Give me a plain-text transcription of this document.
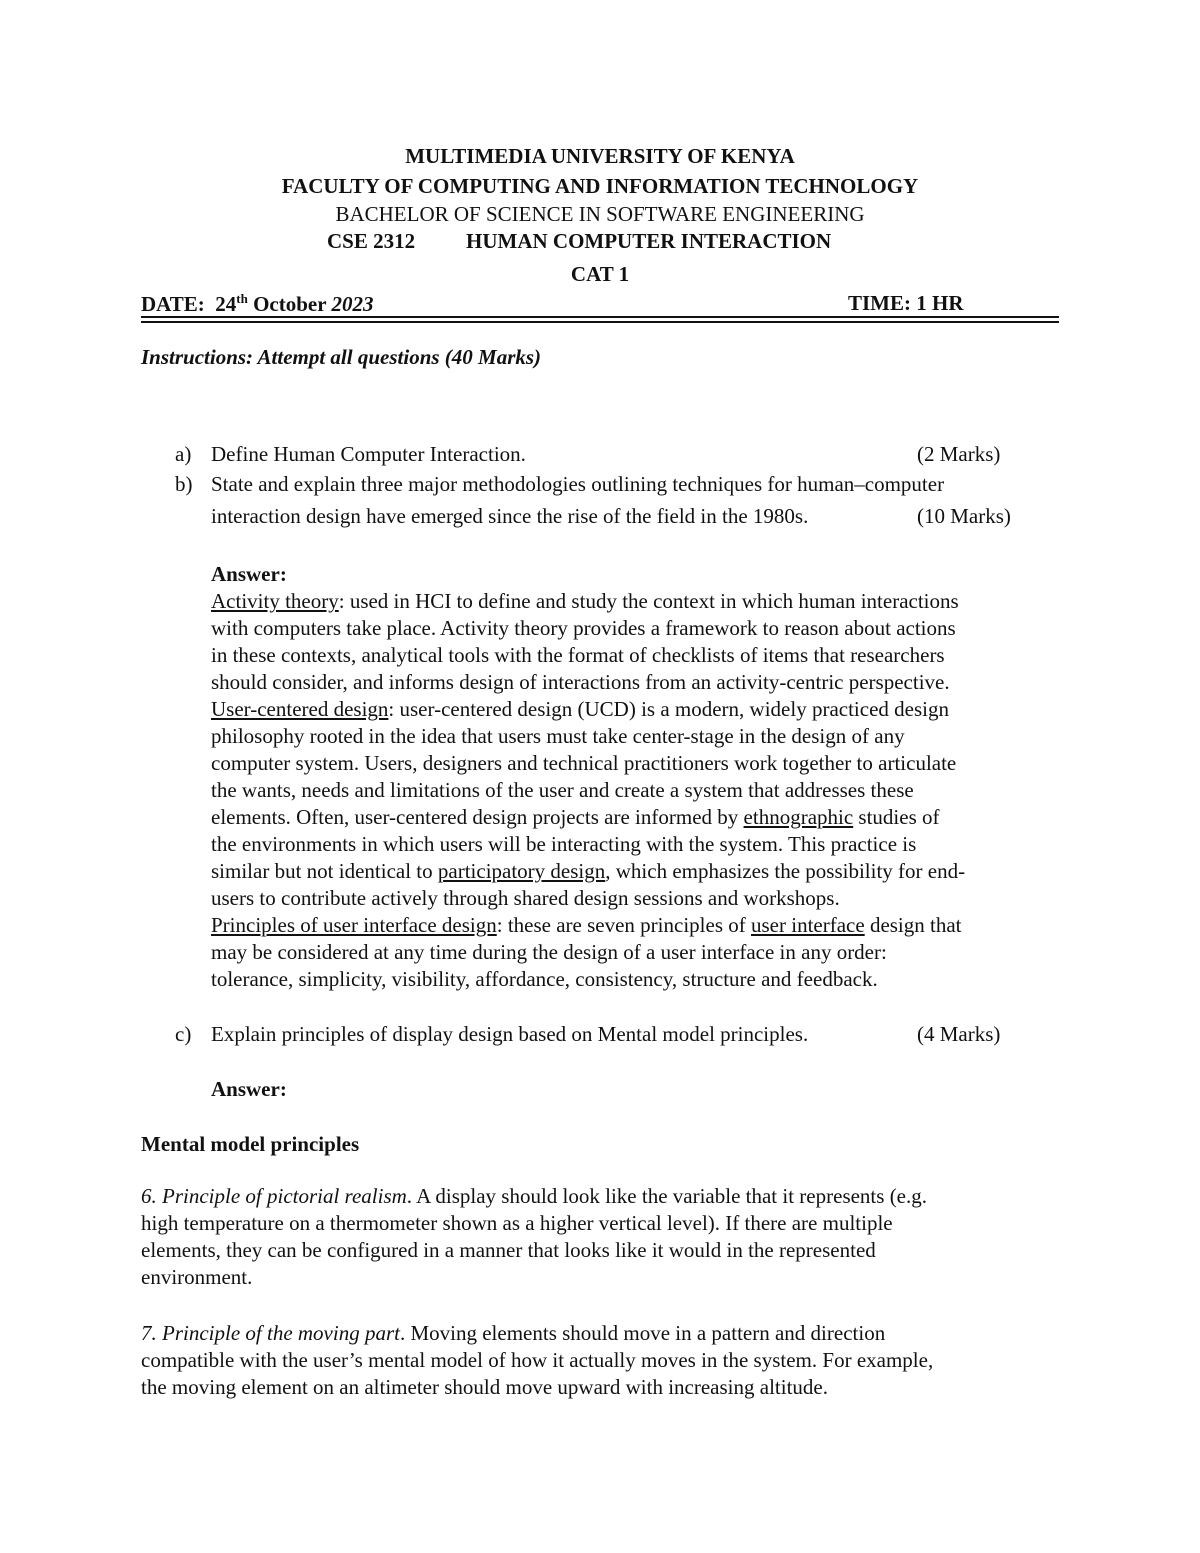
MULTIMEDIA UNIVERSITY OF KENYA
FACULTY OF COMPUTING AND INFORMATION TECHNOLOGY
BACHELOR OF SCIENCE IN SOFTWARE ENGINEERING
CSE 2312 HUMAN COMPUTER INTERACTION
CAT 1
DATE: 24th October 2023	TIME: 1 HR
Instructions: Attempt all questions (40 Marks)
a) Define Human Computer Interaction.	(2 Marks)
b) State and explain three major methodologies outlining techniques for human–computer
interaction design have emerged since the rise of the field in the 1980s.	(10 Marks)
Answer:
Activity theory: used in HCI to define and study the context in which human interactions
with computers take place. Activity theory provides a framework to reason about actions
in these contexts, analytical tools with the format of checklists of items that researchers
should consider, and informs design of interactions from an activity-centric perspective.
User-centered design: user-centered design (UCD) is a modern, widely practiced design
philosophy rooted in the idea that users must take center-stage in the design of any
computer system. Users, designers and technical practitioners work together to articulate
the wants, needs and limitations of the user and create a system that addresses these
elements. Often, user-centered design projects are informed by ethnographic studies of
the environments in which users will be interacting with the system. This practice is
similar but not identical to participatory design, which emphasizes the possibility for end-
users to contribute actively through shared design sessions and workshops.
Principles of user interface design: these are seven principles of user interface design that
may be considered at any time during the design of a user interface in any order:
tolerance, simplicity, visibility, affordance, consistency, structure and feedback.
c) Explain principles of display design based on Mental model principles.	(4 Marks)
Answer:
Mental model principles
6. Principle of pictorial realism. A display should look like the variable that it represents (e.g.
high temperature on a thermometer shown as a higher vertical level). If there are multiple
elements, they can be configured in a manner that looks like it would in the represented
environment.
7. Principle of the moving part. Moving elements should move in a pattern and direction
compatible with the user’s mental model of how it actually moves in the system. For example,
the moving element on an altimeter should move upward with increasing altitude.
